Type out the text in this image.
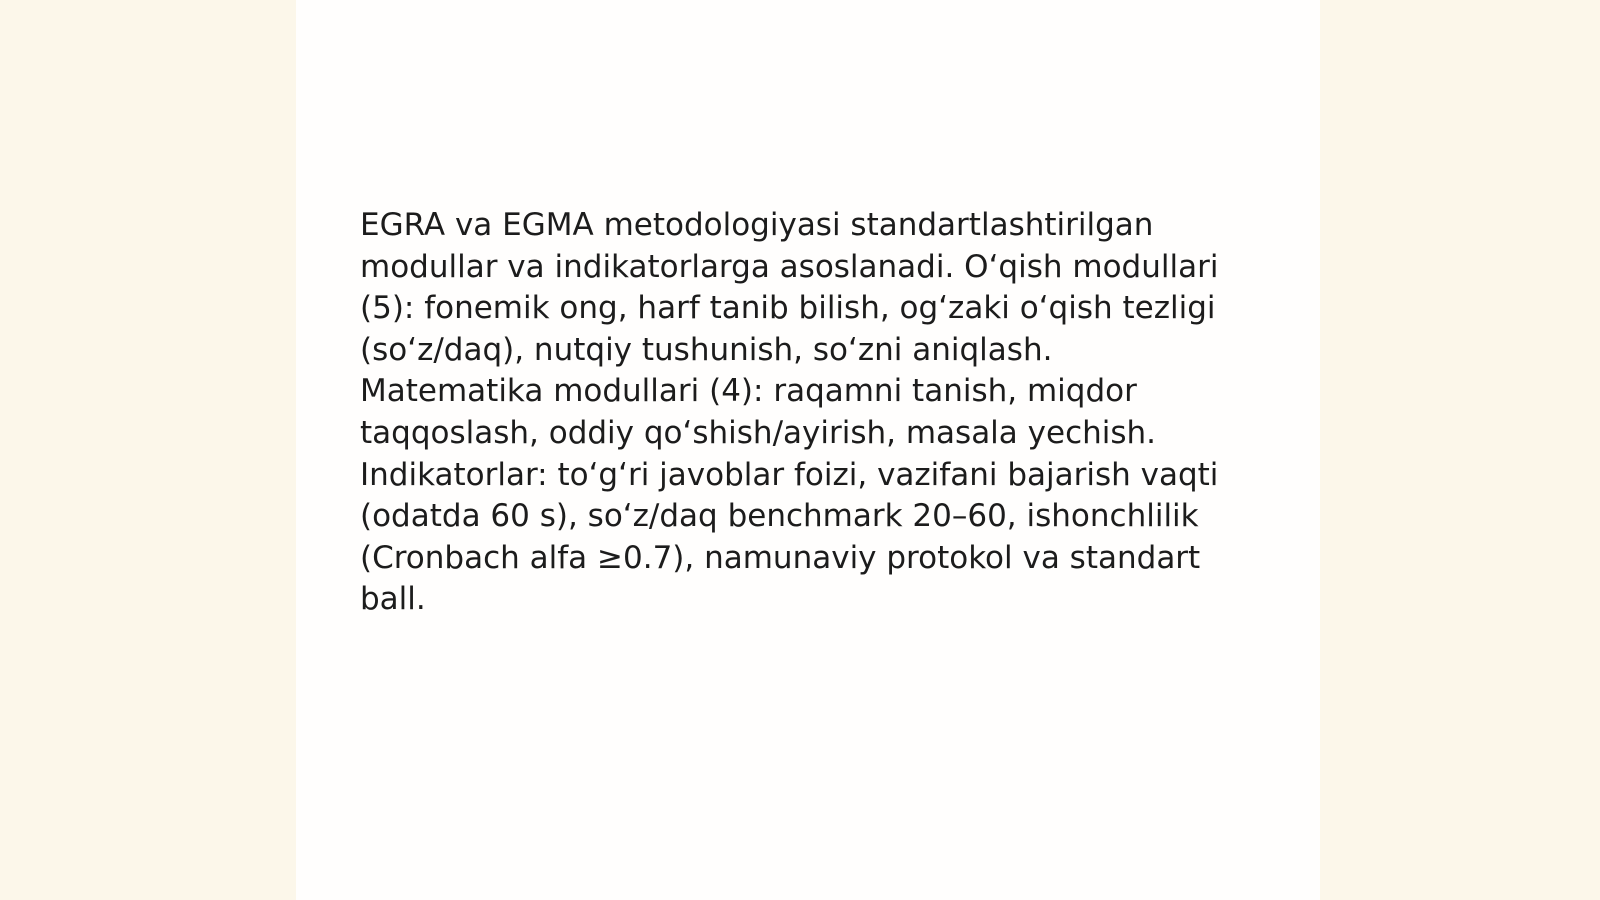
EGRA va EGMA metodologiyasi standartlashtirilgan modullar va indikatorlarga asoslanadi. O‘qish modullari (5): fonemik ong, harf tanib bilish, og‘zaki o‘qish tezligi (so‘z/daq), nutqiy tushunish, so‘zni aniqlash. Matematika modullari (4): raqamni tanish, miqdor taqqoslash, oddiy qo‘shish/ayirish, masala yechish. Indikatorlar: to‘g‘ri javoblar foizi, vazifani bajarish vaqti (odatda 60 s), so‘z/daq benchmark 20–60, ishonchlilik (Cronbach alfa ≥0.7), namunaviy protokol va standart ball.
